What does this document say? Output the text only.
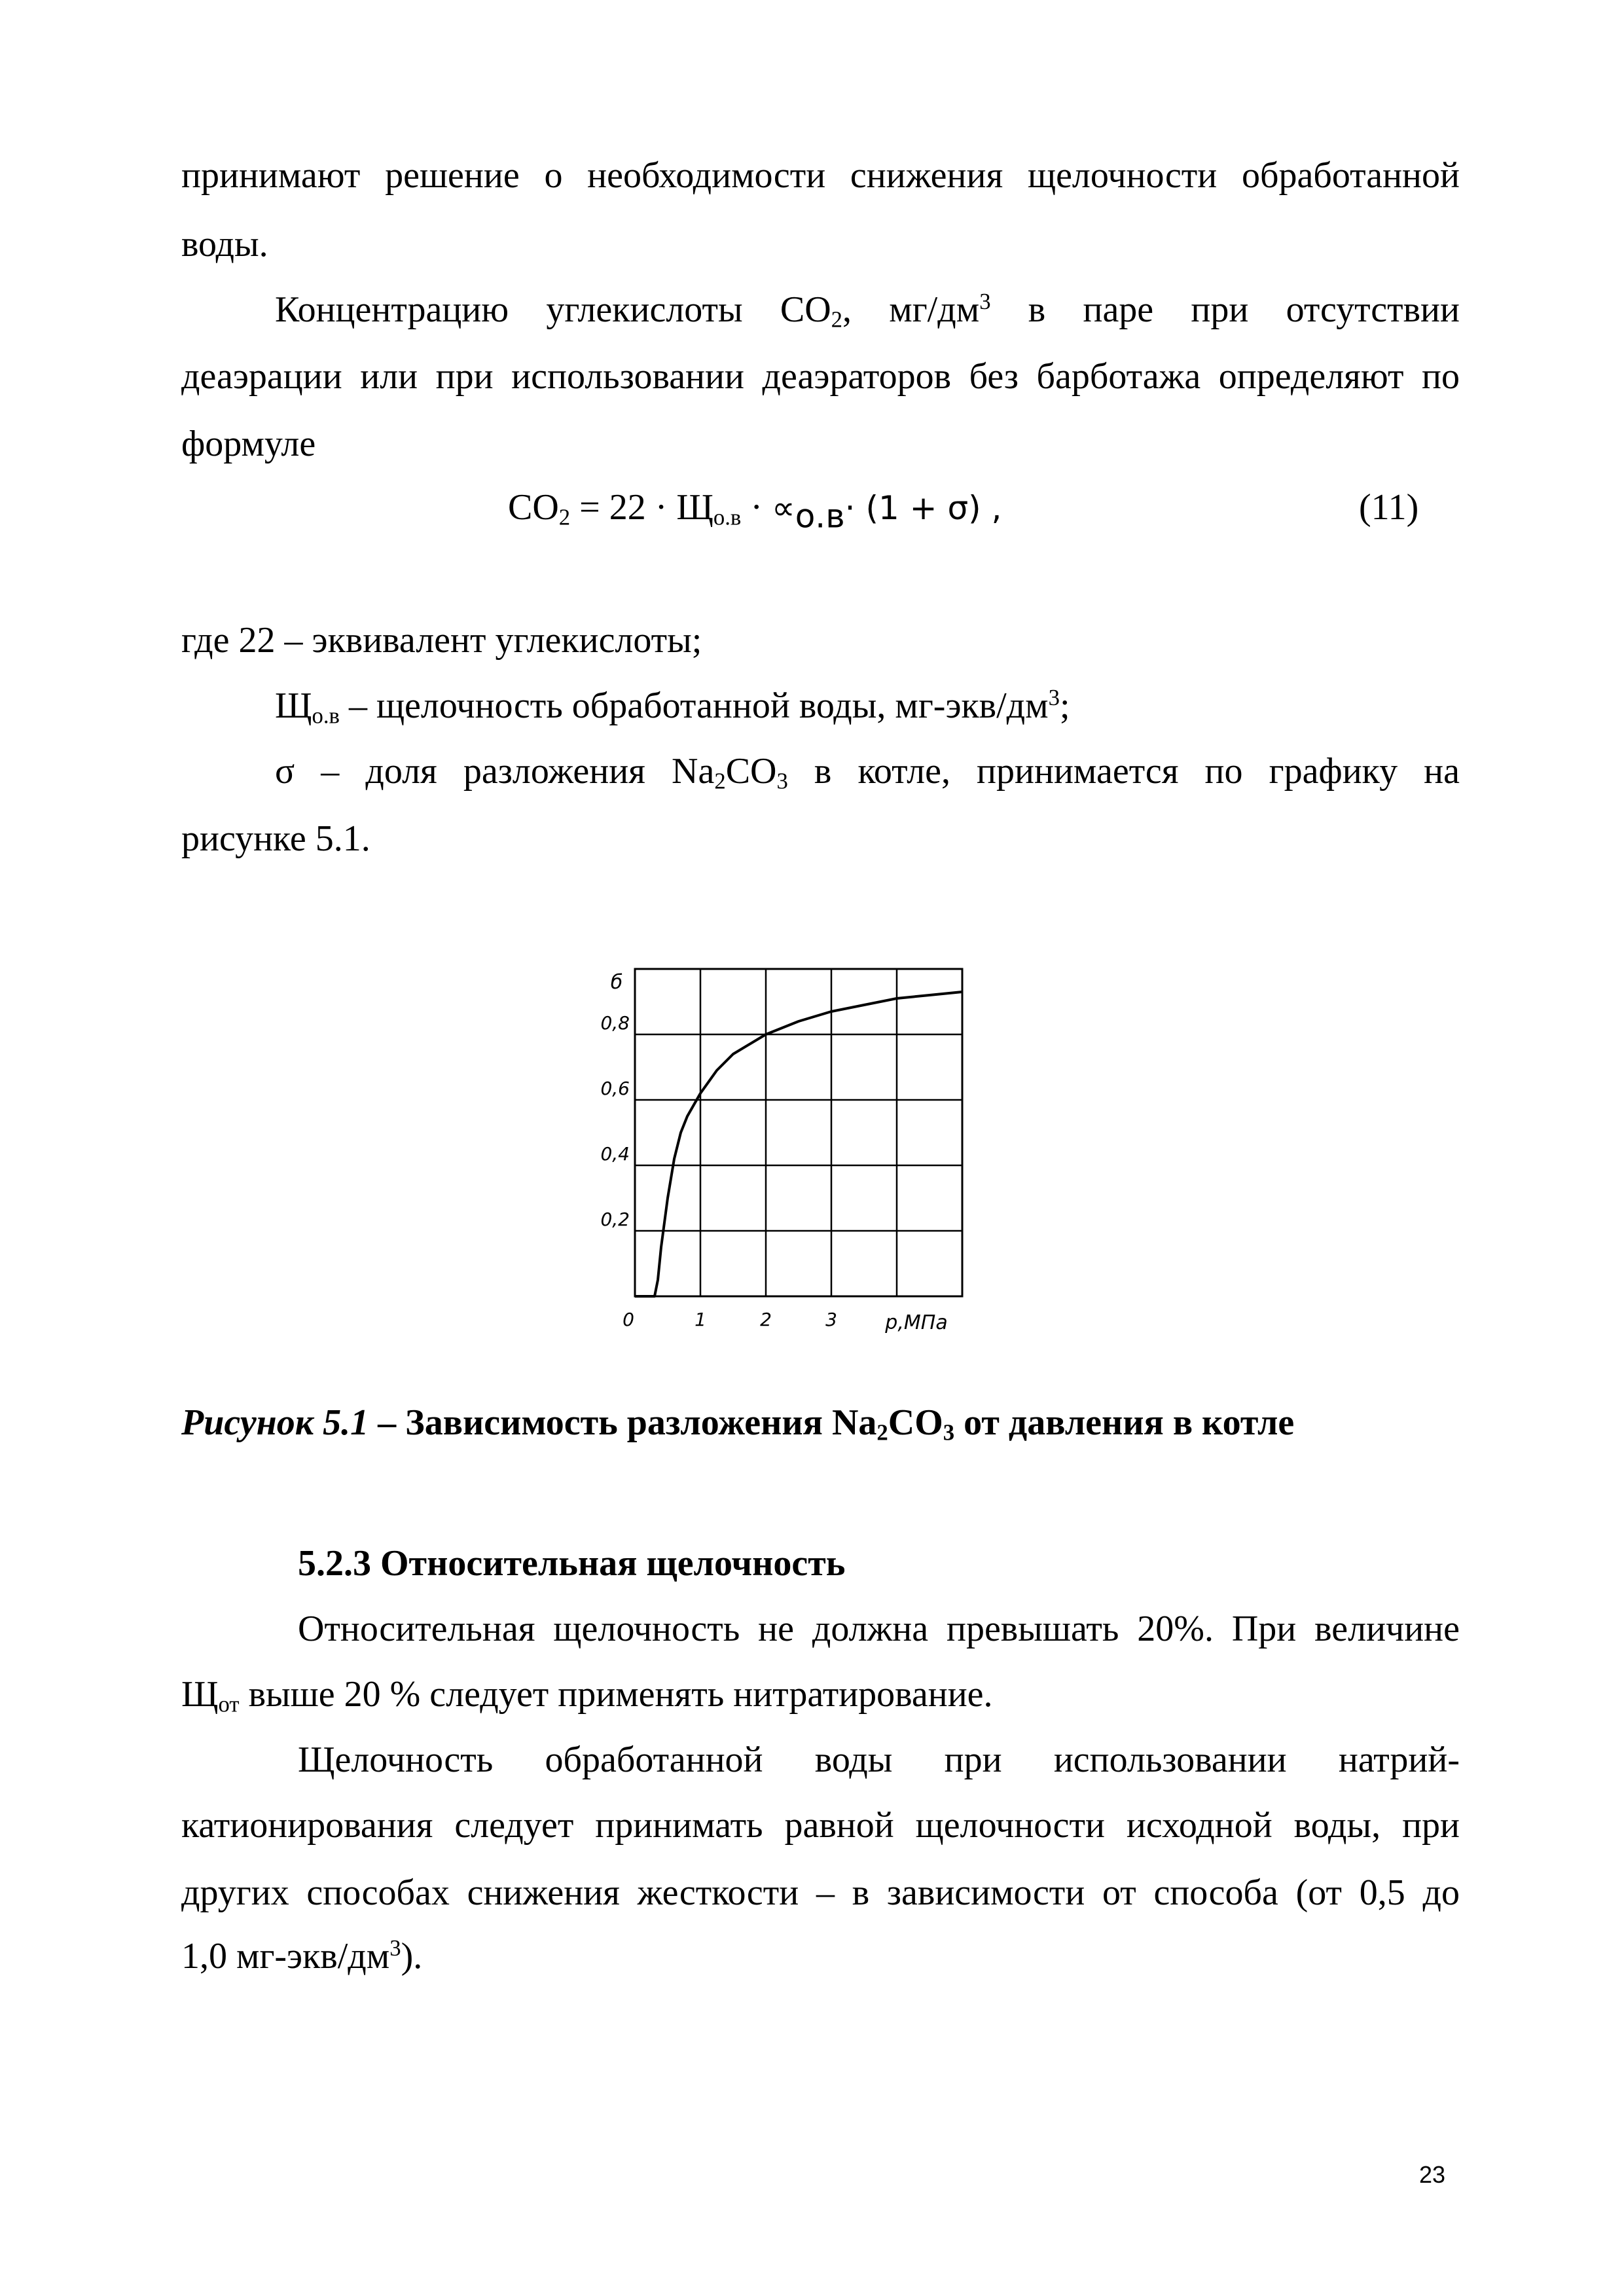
принимают решение о необходимости снижения щелочности обработанной
воды.
Концентрацию углекислоты $CO_2$, $мг/дм^3$ в паре при отсутствии
деаэрации или при использовании деаэраторов без барботажа определяют по
формуле
$CO_2 = 22 \cdot Щ_{о.в} \cdot \propto_{о.в}\cdot (1 + \sigma)$ ,	(11)
где 22 – эквивалент углекислоты;
$Щ_{о.в}$ – щелочность обработанной воды, $мг-экв/дм^3$;
σ – доля разложения $Na_2CO_3$ в котле, принимается по графику на
рисунке 5.1.
0,2
0,4
0,6
0,8
0	1	2	3
б
p,МПа
Рисунок 5.1 – Зависимость разложения $Na_2CO_3$ от давления в котле
5.2.3 Относительная щелочность
Относительная щелочность не должна превышать 20%. При величине
$Щ_{от}$ выше 20 % следует применять нитратирование.
Щелочность обработанной воды при использовании натрий-
катионирования следует принимать равной щелочности исходной воды, при
других способах снижения жесткости – в зависимости от способа (от 0,5 до
1,0 $мг-экв/дм^3$).
23
